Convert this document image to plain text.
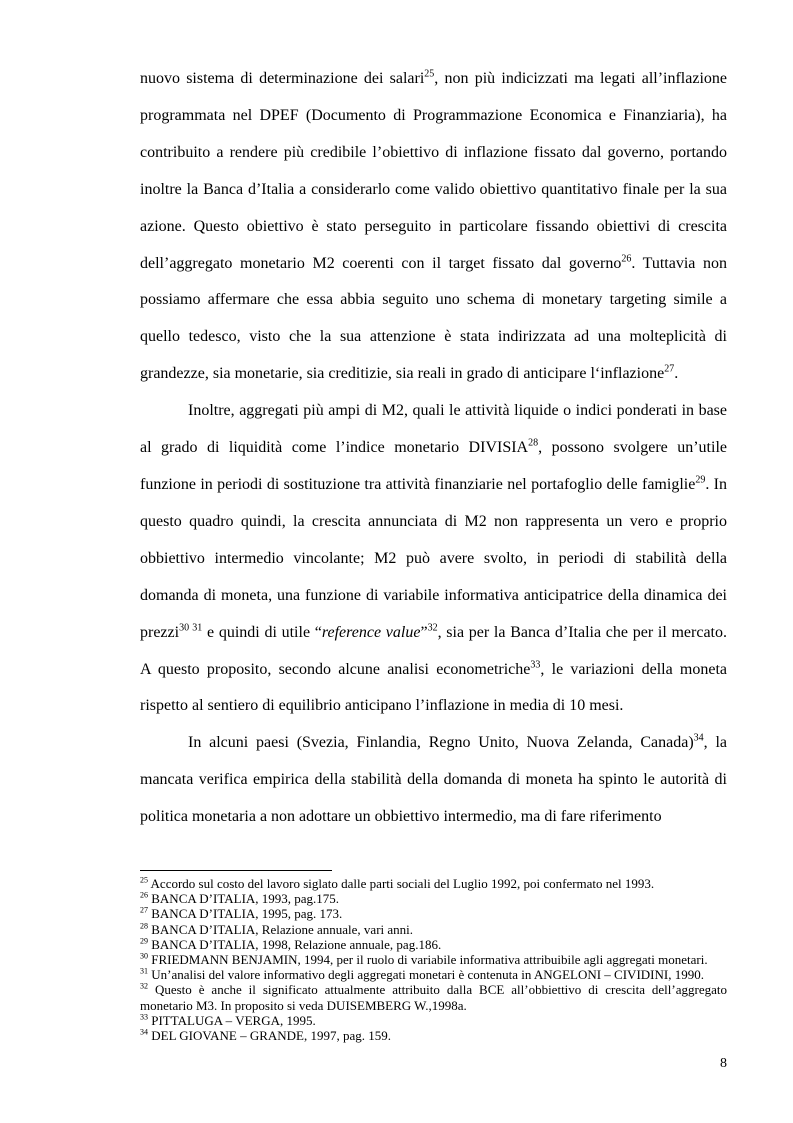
nuovo sistema di determinazione dei salari$^{25}$, non più indicizzati ma legati all’inflazione programmata nel DPEF (Documento di Programmazione Economica e Finanziaria), ha contribuito a rendere più credibile l’obiettivo di inflazione fissato dal governo, portando inoltre la Banca d’Italia a considerarlo come valido obiettivo quantitativo finale per la sua azione. Questo obiettivo è stato perseguito in particolare fissando obiettivi di crescita dell’aggregato monetario M2 coerenti con il target fissato dal governo$^{26}$. Tuttavia non possiamo affermare che essa abbia seguito uno schema di monetary targeting simile a quello tedesco, visto che la sua attenzione è stata indirizzata ad una molteplicità di grandezze, sia monetarie, sia creditizie, sia reali in grado di anticipare l‘inflazione$^{27}$.

Inoltre, aggregati più ampi di M2, quali le attività liquide o indici ponderati in base al grado di liquidità come l’indice monetario DIVISIA$^{28}$, possono svolgere un’utile funzione in periodi di sostituzione tra attività finanziarie nel portafoglio delle famiglie$^{29}$. In questo quadro quindi, la crescita annunciata di M2 non rappresenta un vero e proprio obbiettivo intermedio vincolante; M2 può avere svolto, in periodi di stabilità della domanda di moneta, una funzione di variabile informativa anticipatrice della dinamica dei prezzi$^{30 31}$ e quindi di utile “reference value”$^{32}$, sia per la Banca d’Italia che per il mercato. A questo proposito, secondo alcune analisi econometriche$^{33}$, le variazioni della moneta rispetto al sentiero di equilibrio anticipano l’inflazione in media di 10 mesi.

In alcuni paesi (Svezia, Finlandia, Regno Unito, Nuova Zelanda, Canada)$^{34}$, la mancata verifica empirica della stabilità della domanda di moneta ha spinto le autorità di politica monetaria a non adottare un obbiettivo intermedio, ma di fare riferimento

$^{25}$ Accordo sul costo del lavoro siglato dalle parti sociali del Luglio 1992, poi confermato nel 1993.
$^{26}$ BANCA D’ITALIA, 1993, pag.175.
$^{27}$ BANCA D’ITALIA, 1995, pag. 173.
$^{28}$ BANCA D’ITALIA, Relazione annuale, vari anni.
$^{29}$ BANCA D’ITALIA, 1998, Relazione annuale, pag.186.
$^{30}$ FRIEDMANN BENJAMIN, 1994, per il ruolo di variabile informativa attribuibile agli aggregati monetari.
$^{31}$ Un’analisi del valore informativo degli aggregati monetari è contenuta in ANGELONI – CIVIDINI, 1990.
$^{32}$ Questo è anche il significato attualmente attribuito dalla BCE all’obbiettivo di crescita dell’aggregato monetario M3. In proposito si veda DUISEMBERG W.,1998a.
$^{33}$ PITTALUGA – VERGA, 1995.
$^{34}$ DEL GIOVANE – GRANDE, 1997, pag. 159.
8
